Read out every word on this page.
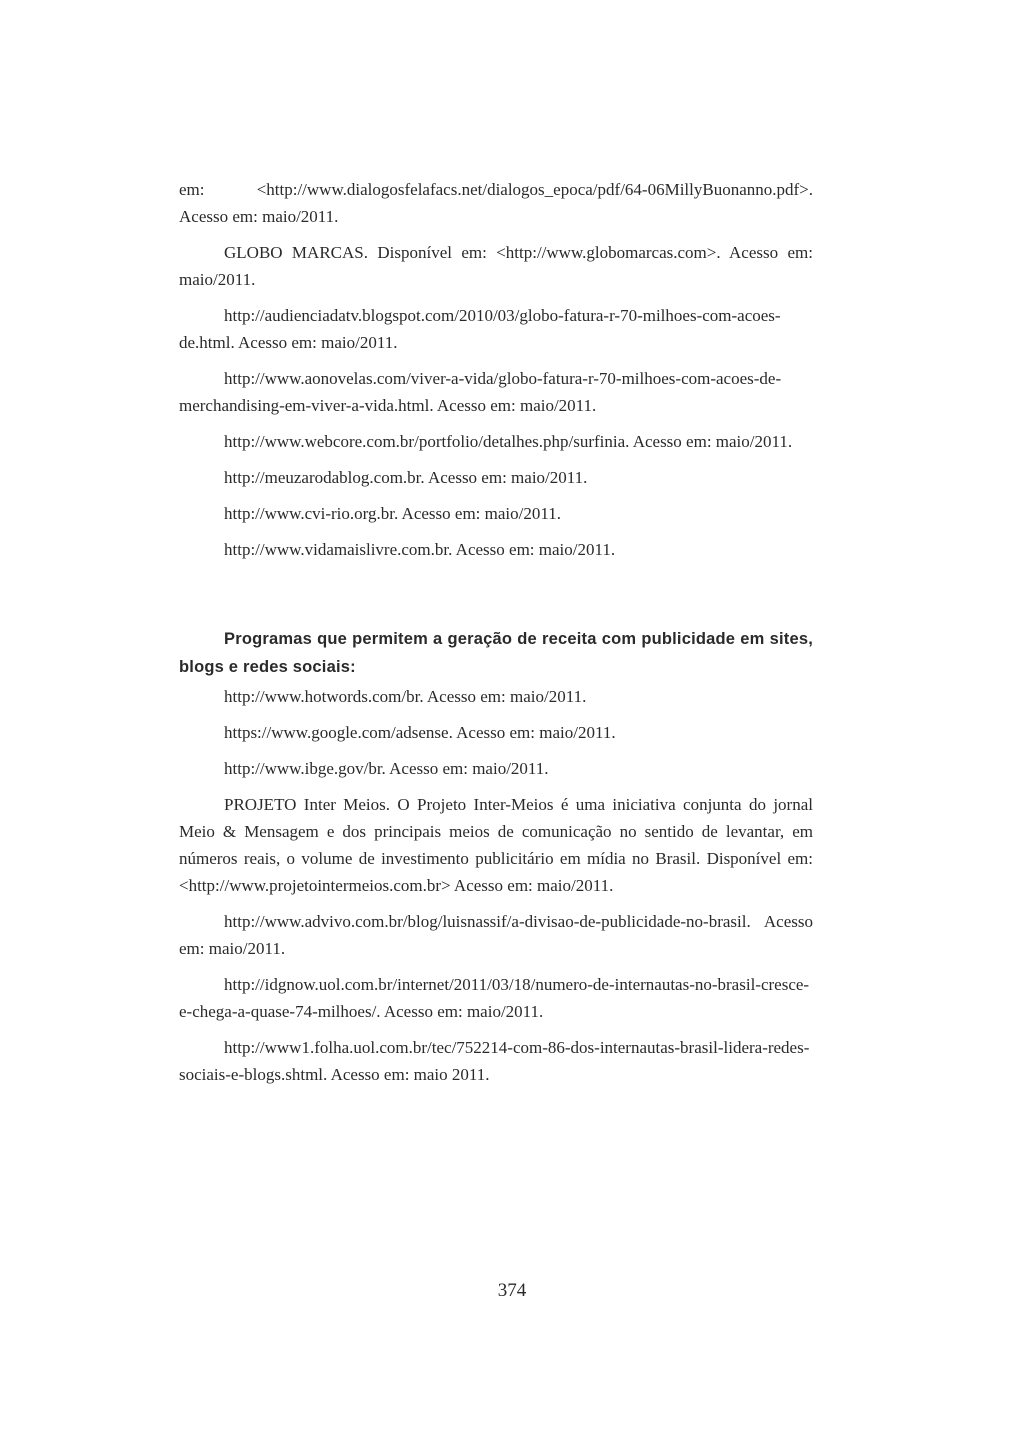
em: <http://www.dialogosfelafacs.net/dialogos_epoca/pdf/64-06MillyBuonanno.pdf>. Acesso em: maio/2011.

GLOBO MARCAS. Disponível em: <http://www.globomarcas.com>. Acesso em: maio/2011.

http://audienciadatv.blogspot.com/2010/03/globo-fatura-r-70-milhoes-com-acoes-de.html. Acesso em: maio/2011.

http://www.aonovelas.com/viver-a-vida/globo-fatura-r-70-milhoes-com-acoes-de-merchandising-em-viver-a-vida.html. Acesso em: maio/2011.

http://www.webcore.com.br/portfolio/detalhes.php/surfinia. Acesso em: maio/2011.

http://meuzarodablog.com.br. Acesso em: maio/2011.

http://www.cvi-rio.org.br. Acesso em: maio/2011.

http://www.vidamaislivre.com.br. Acesso em: maio/2011.

Programas que permitem a geração de receita com publicidade em sites, blogs e redes sociais:

http://www.hotwords.com/br. Acesso em: maio/2011.

https://www.google.com/adsense. Acesso em: maio/2011.

http://www.ibge.gov/br. Acesso em: maio/2011.

PROJETO Inter Meios. O Projeto Inter-Meios é uma iniciativa conjunta do jornal Meio & Mensagem e dos principais meios de comunicação no sentido de levantar, em números reais, o volume de investimento publicitário em mídia no Brasil. Disponível em: <http://www.projetointermeios.com.br> Acesso em: maio/2011.

http://www.advivo.com.br/blog/luisnassif/a-divisao-de-publicidade-no-brasil. Acesso em: maio/2011.

http://idgnow.uol.com.br/internet/2011/03/18/numero-de-internautas-no-brasil-cresce-e-chega-a-quase-74-milhoes/. Acesso em: maio/2011.

http://www1.folha.uol.com.br/tec/752214-com-86-dos-internautas-brasil-lidera-redes-sociais-e-blogs.shtml. Acesso em: maio 2011.

374
